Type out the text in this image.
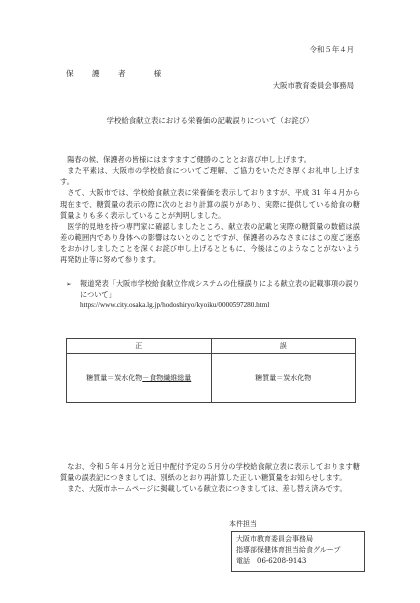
令和５年４月
保 護 者	様
大阪市教育委員会事務局
学校給食献立表における栄養価の記載誤りについて（お詫び）

陽春の候、保護者の皆様にはますますご健勝のこととお喜び申し上げます。

また平素は、大阪市の学校給食についてご理解、ご協力をいただき厚くお礼申し上げます。

さて、大阪市では、学校給食献立表に栄養価を表示しておりますが、平成 31 年４月から現在まで、糖質量の表示の際に次のとおり計算の誤りがあり、実際に提供している給食の糖質量よりも多く表示していることが判明しました。

医学的見地を持つ専門家に確認しましたところ、献立表の記載と実際の糖質量の数値は誤差の範囲内であり身体への影響はないとのことですが、保護者のみなさまにはこの度ご迷惑をおかけしましたことを深くお詫び申し上げるとともに、今後はこのようなことがないよう再発防止等に努めて参ります。

➢	報道発表「大阪市学校給食献立作成システムの仕様誤りによる献立表の記載事項の誤りについて」
https://www.city.osaka.lg.jp/hodoshiryo/kyoiku/0000597280.html
正	誤
糖質量＝炭水化物－食物繊維総量	糖質量＝炭水化物

なお、令和５年４月分と近日中配付予定の５月分の学校給食献立表に表示しております糖質量の誤表記につきましては、別紙のとおり再計算した正しい糖質量をお知らせします。

また、大阪市ホームページに掲載している献立表につきましては、差し替え済みです。

本件担当
大阪市教育委員会事務局
指導部保健体育担当給食グループ
電話　 06-6208-9143
